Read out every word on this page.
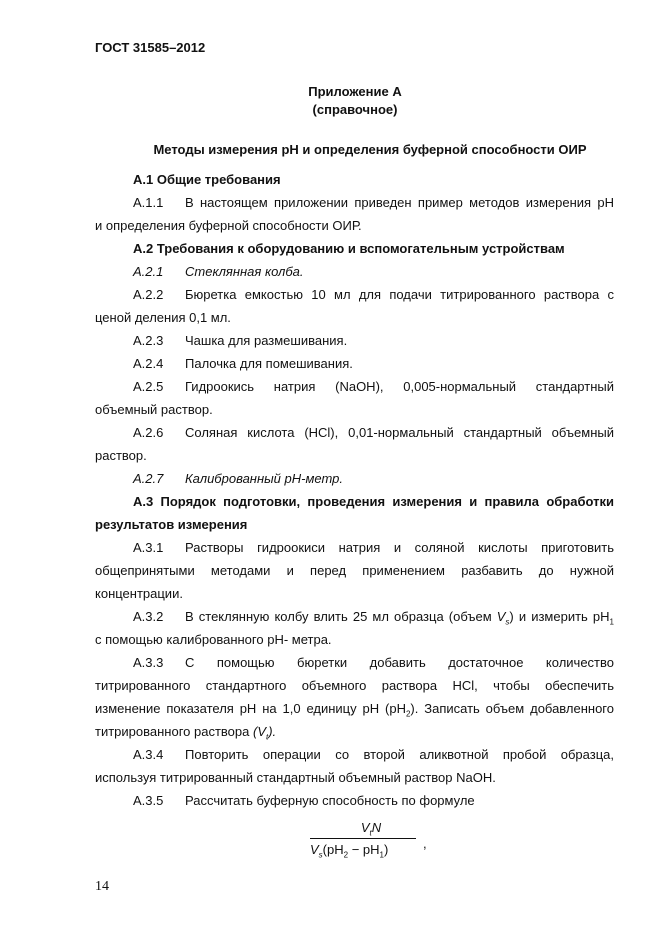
ГОСТ 31585–2012
Приложение А
(справочное)
Методы измерения рН и определения буферной способности ОИР
А.1 Общие требования
А.1.1 В настоящем приложении приведен пример методов измерения рН
и определения буферной способности ОИР.
А.2 Требования к оборудованию и вспомогательным устройствам
А.2.1 Стеклянная колба.
А.2.2 Бюретка емкостью 10 мл для подачи титрированного раствора с
ценой деления 0,1 мл.
А.2.3 Чашка для размешивания.
А.2.4 Палочка для помешивания.
А.2.5 Гидроокись натрия (NaOH), 0,005-нормальный стандартный
объемный раствор.
А.2.6 Соляная кислота (HCl), 0,01-нормальный стандартный объемный
раствор.
А.2.7 Калиброванный рН-метр.
А.3 Порядок подготовки, проведения измерения и правила обработки
результатов измерения
А.3.1 Растворы гидроокиси натрия и соляной кислоты приготовить
общепринятыми методами и перед применением разбавить до нужной
концентрации.
А.3.2 В стеклянную колбу влить 25 мл образца (объем $V_s$) и измерить $рН_1$
с помощью калиброванного рН- метра.
А.3.3 С помощью бюретки добавить достаточное количество
титрированного стандартного объемного раствора HCl, чтобы обеспечить
изменение показателя рН на 1,0 единицу рН $(рН_2)$. Записать объем добавленного
титрированного раствора $(V_t)$.
А.3.4 Повторить операции со второй аликвотной пробой образца,
используя титрированный стандартный объемный раствор NaOH.
А.3.5 Рассчитать буферную способность по формуле
$V_tN$
$V_s(pH_2 - pH_1)$	,
14
